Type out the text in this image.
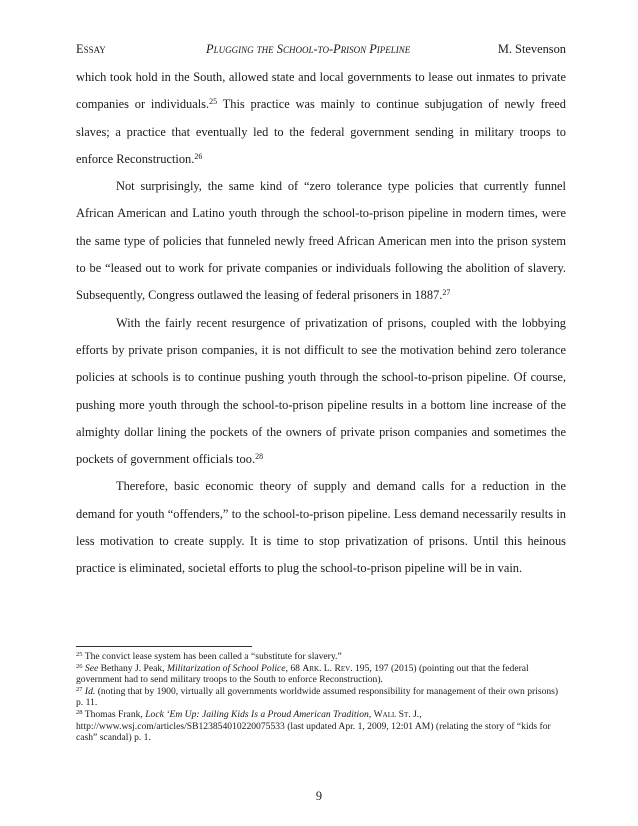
Essay	Plugging the School-to-Prison Pipeline	M. Stevenson

which took hold in the South, allowed state and local governments to lease out inmates to private companies or individuals.$^{25}$ This practice was mainly to continue subjugation of newly freed slaves; a practice that eventually led to the federal government sending in military troops to enforce Reconstruction.$^{26}$

Not surprisingly, the same kind of “zero tolerance type policies that currently funnel African American and Latino youth through the school-to-prison pipeline in modern times, were the same type of policies that funneled newly freed African American men into the prison system to be “leased out to work for private companies or individuals following the abolition of slavery. Subsequently, Congress outlawed the leasing of federal prisoners in 1887.27

With the fairly recent resurgence of privatization of prisons, coupled with the lobbying efforts by private prison companies, it is not difficult to see the motivation behind zero tolerance policies at schools is to continue pushing youth through the school-to-prison pipeline. Of course, pushing more youth through the school-to-prison pipeline results in a bottom line increase of the almighty dollar lining the pockets of the owners of private prison companies and sometimes the pockets of government officials too.$^{28}$

Therefore, basic economic theory of supply and demand calls for a reduction in the demand for youth “offenders,” to the school-to-prison pipeline. Less demand necessarily results in less motivation to create supply. It is time to stop privatization of prisons. Until this heinous practice is eliminated, societal efforts to plug the school-to-prison pipeline will be in vain.

$^{25}$ The convict lease system has been called a “substitute for slavery.”

$^{26}$ See Bethany J. Peak, Militarization of School Police, 68 Ark. L. Rev. 195, 197 (2015) (pointing out that the federal government had to send military troops to the South to enforce Reconstruction).

$^{27}$ Id. (noting that by 1900, virtually all governments worldwide assumed responsibility for management of their own prisons) p. 11.

$^{28}$ Thomas Frank, Lock ‘Em Up: Jailing Kids Is a Proud American Tradition, Wall St. J., http://www.wsj.com/articles/SB123854010220075533 (last updated Apr. 1, 2009, 12:01 AM) (relating the story of “kids for cash” scandal) p. 1.

9
